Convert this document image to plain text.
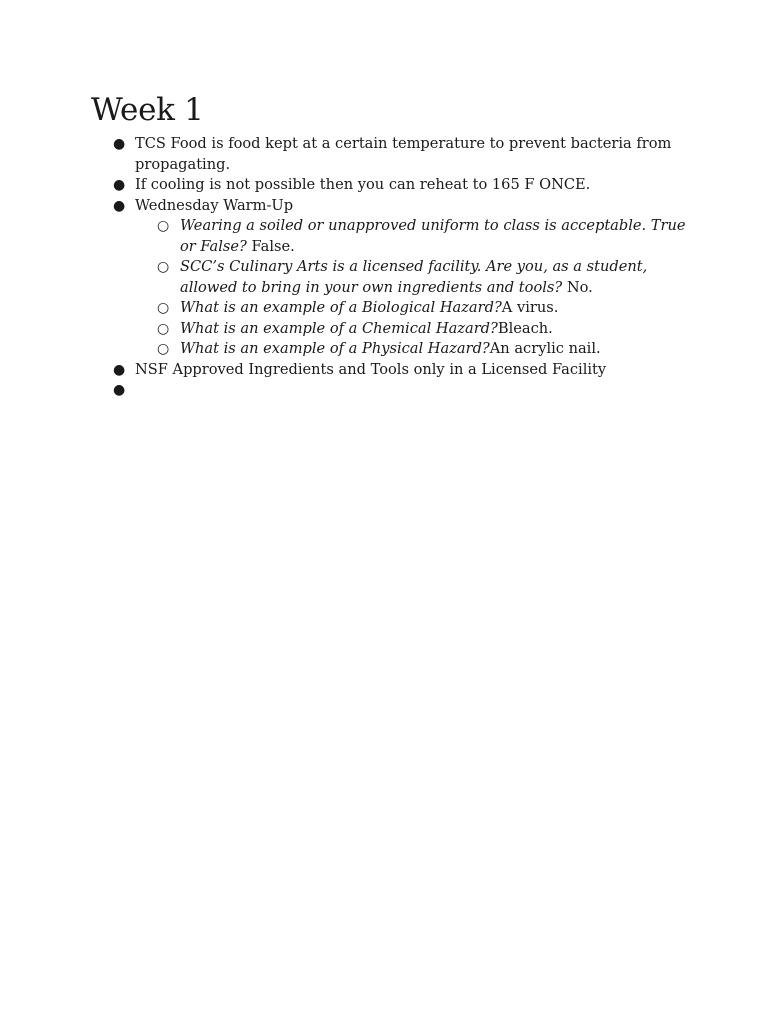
Week 1
● TCS Food is food kept at a certain temperature to prevent bacteria from propagating.
● If cooling is not possible then you can reheat to 165 F ONCE.
● Wednesday Warm-Up
○ Wearing a soiled or unapproved uniform to class is acceptable. True or False? False.
○ SCC’s Culinary Arts is a licensed facility. Are you, as a student, allowed to bring in your own ingredients and tools? No.
○ What is an example of a Biological Hazard?A virus.
○ What is an example of a Chemical Hazard?Bleach.
○ What is an example of a Physical Hazard?An acrylic nail.
● NSF Approved Ingredients and Tools only in a Licensed Facility
●
